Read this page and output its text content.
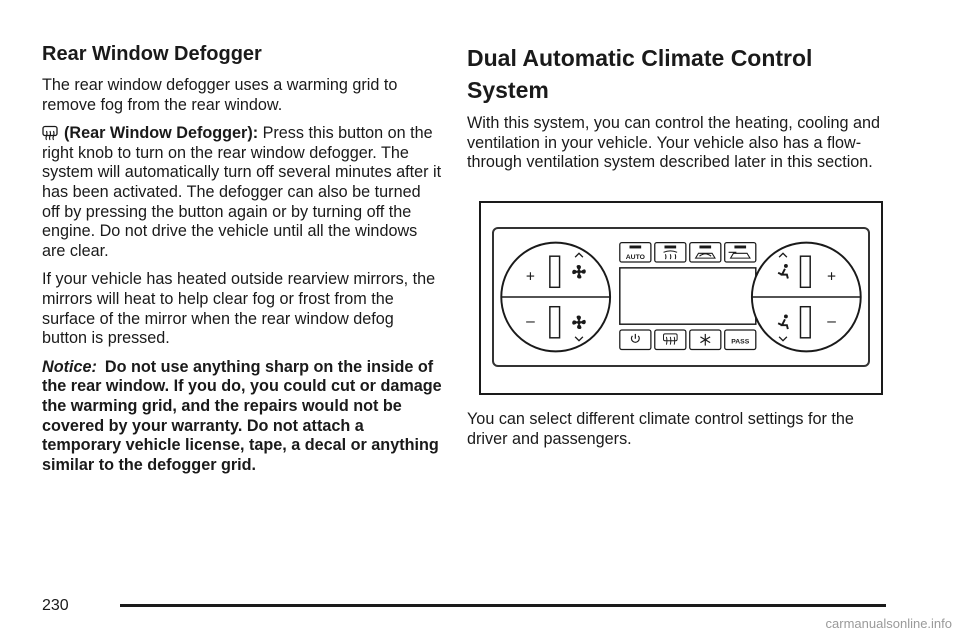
Rear Window Defogger

The rear window defogger uses a warming grid to remove fog from the rear window.

(Rear Window Defogger): Press this button on the right knob to turn on the rear window defogger. The system will automatically turn off several minutes after it has been activated. The defogger can also be turned off by pressing the button again or by turning off the engine. Do not drive the vehicle until all the windows are clear.

If your vehicle has heated outside rearview mirrors, the mirrors will heat to help clear fog or frost from the surface of the mirror when the rear window defog button is pressed.

Notice: Do not use anything sharp on the inside of the rear window. If you do, you could cut or damage the warming grid, and the repairs would not be covered by your warranty. Do not attach a temporary vehicle license, tape, a decal or anything similar to the defogger grid.

Dual Automatic Climate Control System

With this system, you can control the heating, cooling and ventilation in your vehicle. Your vehicle also has a flow-through ventilation system described later in this section.

+
–
AUTO
PASS
+
–

You can select different climate control settings for the driver and passengers.

230
carmanualsonline.info
